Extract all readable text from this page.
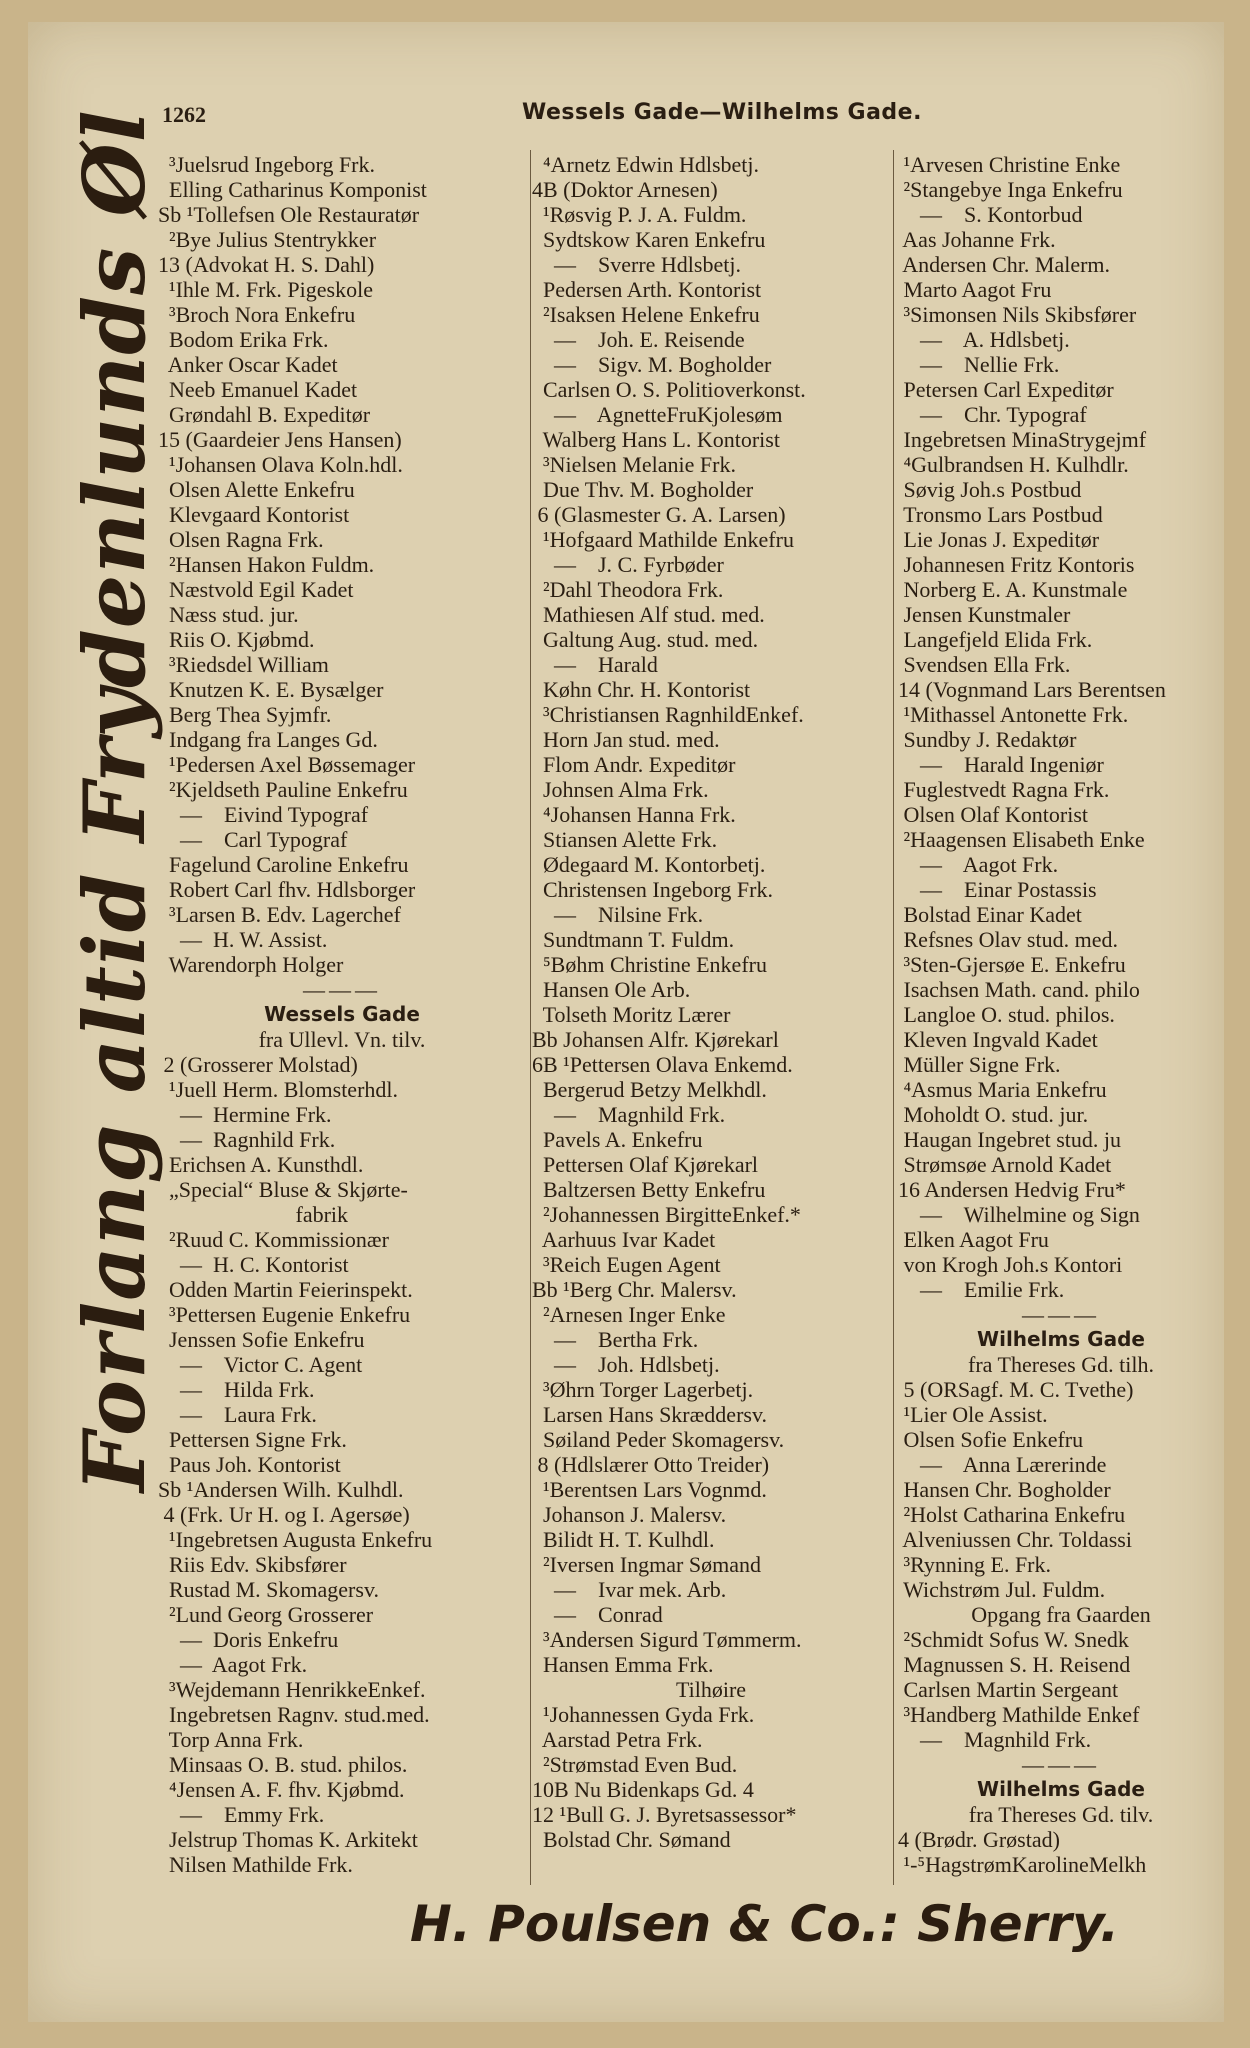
1262	Wessels Gade—Wilhelms Gade.
Forlang altid Frydenlunds Øl
³Juelsrud Ingeborg Frk.
Elling Catharinus Komponist
Sb ¹Tollefsen Ole Restauratør
²Bye Julius Stentrykker
13 (Advokat H. S. Dahl)
¹Ihle M. Frk. Pigeskole
³Broch Nora Enkefru
Bodom Erika Frk.
Anker Oscar Kadet
Neeb Emanuel Kadet
Grøndahl B. Expeditør
15 (Gaardeier Jens Hansen)
¹Johansen Olava Koln.hdl.
Olsen Alette Enkefru
Klevgaard Kontorist
Olsen Ragna Frk.
²Hansen Hakon Fuldm.
Næstvold Egil Kadet
Næss stud. jur.
Riis O. Kjøbmd.
³Riedsdel William
Knutzen K. E. Bysælger
Berg Thea Syjmfr.
Indgang fra Langes Gd.
¹Pedersen Axel Bøssemager
²Kjeldseth Pauline Enkefru
—    Eivind Typograf
—    Carl Typograf
Fagelund Caroline Enkefru
Robert Carl fhv. Hdlsborger
³Larsen B. Edv. Lagerchef
—  H. W. Assist.
Warendorph Holger
———
Wessels Gade
fra Ullevl. Vn. tilv.
2 (Grosserer Molstad)
¹Juell Herm. Blomsterhdl.
—  Hermine Frk.
—  Ragnhild Frk.
Erichsen A. Kunsthdl.
„Special“ Bluse & Skjørte-
fabrik
²Ruud C. Kommissionær
—  H. C. Kontorist
Odden Martin Feierinspekt.
³Pettersen Eugenie Enkefru
Jenssen Sofie Enkefru
—    Victor C. Agent
—    Hilda Frk.
—    Laura Frk.
Pettersen Signe Frk.
Paus Joh. Kontorist
Sb ¹Andersen Wilh. Kulhdl.
4 (Frk. Ur H. og I. Agersøe)
¹Ingebretsen Augusta Enkefru
Riis Edv. Skibsfører
Rustad M. Skomagersv.
²Lund Georg Grosserer
—  Doris Enkefru
—  Aagot Frk.
³Wejdemann HenrikkeEnkef.
Ingebretsen Ragnv. stud.med.
Torp Anna Frk.
Minsaas O. B. stud. philos.
⁴Jensen A. F. fhv. Kjøbmd.
—    Emmy Frk.
Jelstrup Thomas K. Arkitekt
Nilsen Mathilde Frk.
⁴Arnetz Edwin Hdlsbetj.
4B (Doktor Arnesen)
¹Røsvig P. J. A. Fuldm.
Sydtskow Karen Enkefru
—    Sverre Hdlsbetj.
Pedersen Arth. Kontorist
²Isaksen Helene Enkefru
—    Joh. E. Reisende
—    Sigv. M. Bogholder
Carlsen O. S. Politioverkonst.
—    AgnetteFruKjolesøm
Walberg Hans L. Kontorist
³Nielsen Melanie Frk.
Due Thv. M. Bogholder
6 (Glasmester G. A. Larsen)
¹Hofgaard Mathilde Enkefru
—    J. C. Fyrbøder
²Dahl Theodora Frk.
Mathiesen Alf stud. med.
Galtung Aug. stud. med.
—    Harald
Køhn Chr. H. Kontorist
³Christiansen RagnhildEnkef.
Horn Jan stud. med.
Flom Andr. Expeditør
Johnsen Alma Frk.
⁴Johansen Hanna Frk.
Stiansen Alette Frk.
Ødegaard M. Kontorbetj.
Christensen Ingeborg Frk.
—    Nilsine Frk.
Sundtmann T. Fuldm.
⁵Bøhm Christine Enkefru
Hansen Ole Arb.
Tolseth Moritz Lærer
Bb Johansen Alfr. Kjørekarl
6B ¹Pettersen Olava Enkemd.
Bergerud Betzy Melkhdl.
—    Magnhild Frk.
Pavels A. Enkefru
Pettersen Olaf Kjørekarl
Baltzersen Betty Enkefru
²Johannessen BirgitteEnkef.*
Aarhuus Ivar Kadet
³Reich Eugen Agent
Bb ¹Berg Chr. Malersv.
²Arnesen Inger Enke
—    Bertha Frk.
—    Joh. Hdlsbetj.
³Øhrn Torger Lagerbetj.
Larsen Hans Skræddersv.
Søiland Peder Skomagersv.
8 (Hdlslærer Otto Treider)
¹Berentsen Lars Vognmd.
Johanson J. Malersv.
Bilidt H. T. Kulhdl.
²Iversen Ingmar Sømand
—    Ivar mek. Arb.
—    Conrad
³Andersen Sigurd Tømmerm.
Hansen Emma Frk.
Tilhøire
¹Johannessen Gyda Frk.
Aarstad Petra Frk.
²Strømstad Even Bud.
10B Nu Bidenkaps Gd. 4
12 ¹Bull G. J. Byretsassessor*
Bolstad Chr. Sømand
¹Arvesen Christine Enke
²Stangebye Inga Enkefru
—    S. Kontorbud
Aas Johanne Frk.
Andersen Chr. Malerm.
Marto Aagot Fru
³Simonsen Nils Skibsfører
—    A. Hdlsbetj.
—    Nellie Frk.
Petersen Carl Expeditør
—    Chr. Typograf
Ingebretsen MinaStrygejmf
⁴Gulbrandsen H. Kulhdlr.
Søvig Joh.s Postbud
Tronsmo Lars Postbud
Lie Jonas J. Expeditør
Johannesen Fritz Kontoris
Norberg E. A. Kunstmale
Jensen Kunstmaler
Langefjeld Elida Frk.
Svendsen Ella Frk.
14 (Vognmand Lars Berentsen
¹Mithassel Antonette Frk.
Sundby J. Redaktør
—    Harald Ingeniør
Fuglestvedt Ragna Frk.
Olsen Olaf Kontorist
²Haagensen Elisabeth Enke
—    Aagot Frk.
—    Einar Postassis
Bolstad Einar Kadet
Refsnes Olav stud. med.
³Sten-Gjersøe E. Enkefru
Isachsen Math. cand. philo
Langloe O. stud. philos.
Kleven Ingvald Kadet
Müller Signe Frk.
⁴Asmus Maria Enkefru
Moholdt O. stud. jur.
Haugan Ingebret stud. ju
Strømsøe Arnold Kadet
16 Andersen Hedvig Fru*
—    Wilhelmine og Sign
Elken Aagot Fru
von Krogh Joh.s Kontori
—    Emilie Frk.
———
Wilhelms Gade
fra Thereses Gd. tilh.
5 (ORSagf. M. C. Tvethe)
¹Lier Ole Assist.
Olsen Sofie Enkefru
—    Anna Lærerinde
Hansen Chr. Bogholder
²Holst Catharina Enkefru
Alveniussen Chr. Toldassi
³Rynning E. Frk.
Wichstrøm Jul. Fuldm.
Opgang fra Gaarden
²Schmidt Sofus W. Snedk
Magnussen S. H. Reisend
Carlsen Martin Sergeant
³Handberg Mathilde Enkef
—    Magnhild Frk.
———
Wilhelms Gade
fra Thereses Gd. tilv.
4 (Brødr. Grøstad)
¹-⁵HagstrømKarolineMelkh
H. Poulsen & Co.: Sherry.
